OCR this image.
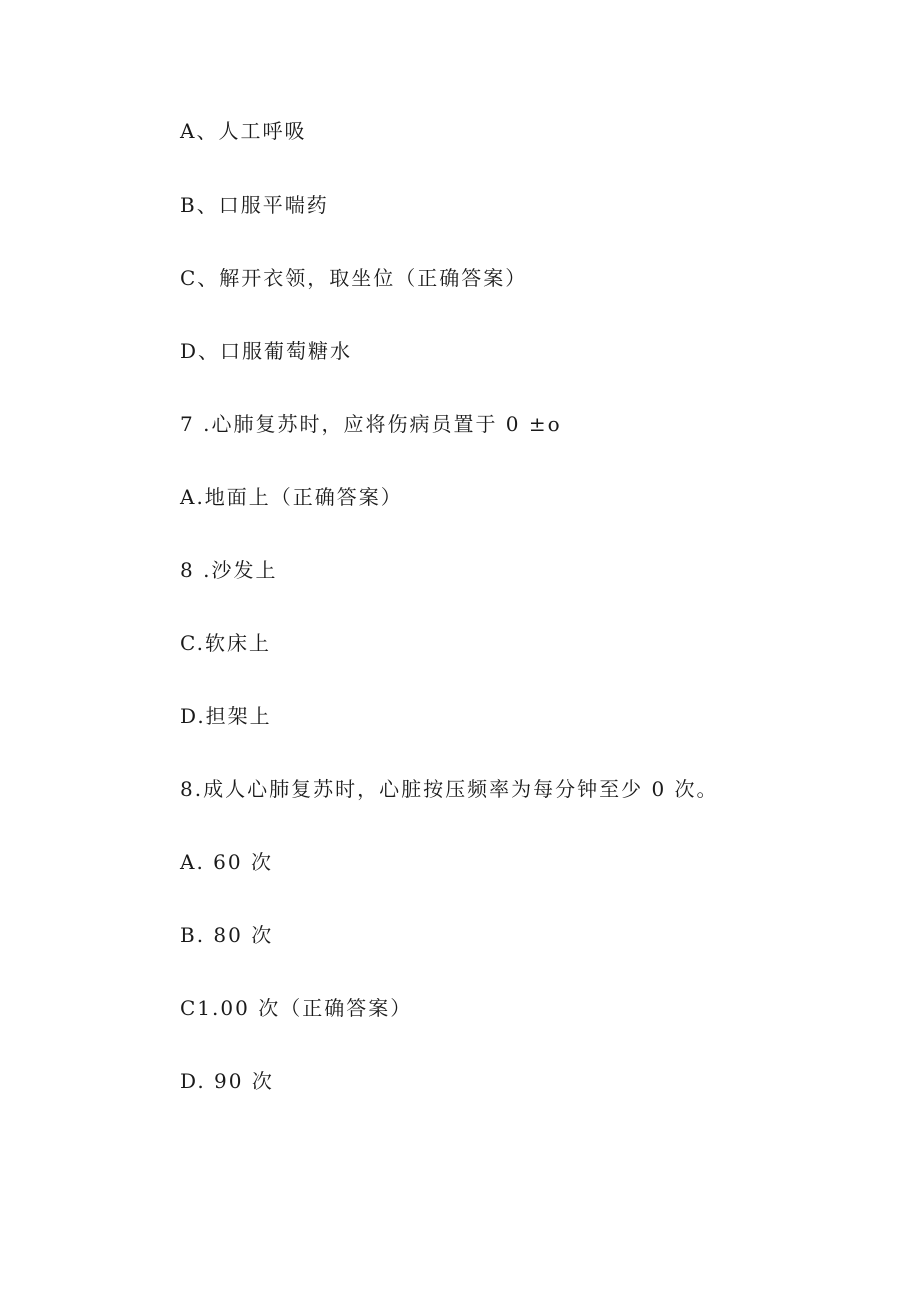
A、人工呼吸
B、口服平喘药
C、解开衣领，取坐位（正确答案）
D、口服葡萄糖水
7 .心肺复苏时，应将伤病员置于 0 ±o
A.地面上（正确答案）
8 .沙发上
C.软床上
D.担架上
8.成人心肺复苏时，心脏按压频率为每分钟至少 0 次。
A. 60 次
B. 80 次
C1.00 次（正确答案）
D. 90 次
